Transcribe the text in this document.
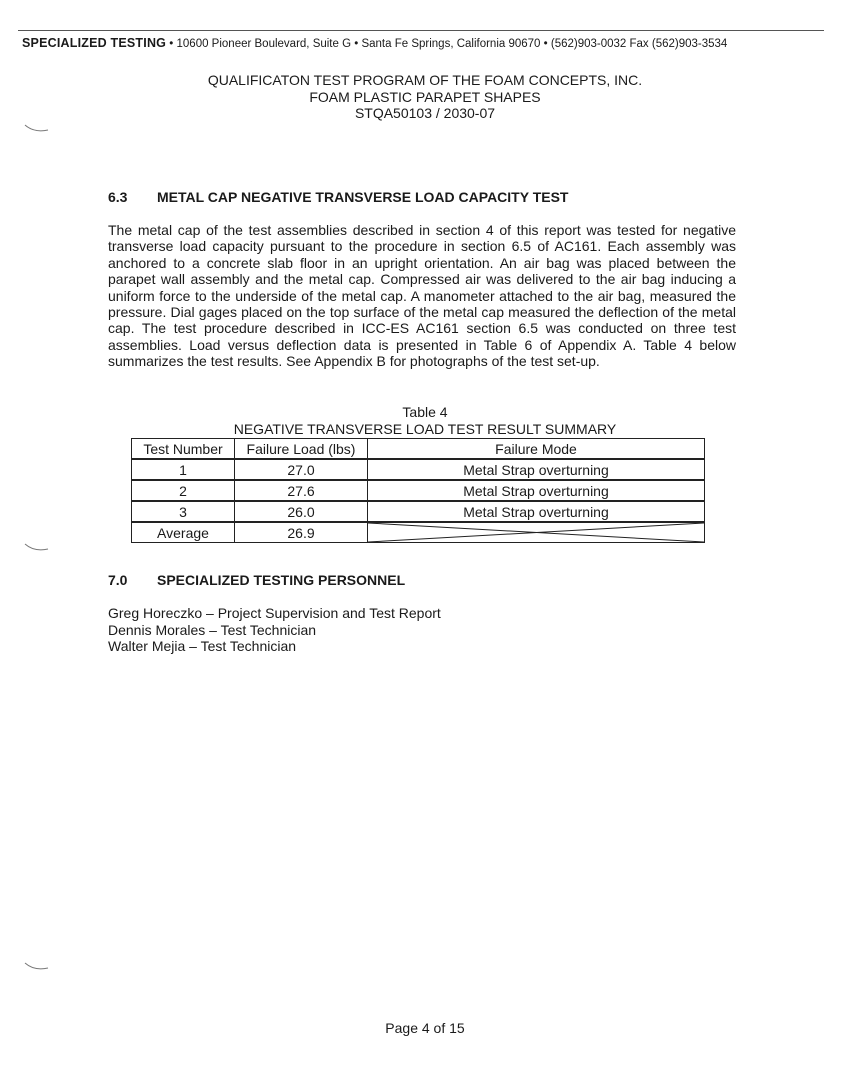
SPECIALIZED TESTING • 10600 Pioneer Boulevard, Suite G • Santa Fe Springs, California 90670 • (562)903-0032 Fax (562)903-3534
QUALIFICATON TEST PROGRAM OF THE FOAM CONCEPTS, INC.
FOAM PLASTIC PARAPET SHAPES
STQA50103 / 2030-07
6.3 METAL CAP NEGATIVE TRANSVERSE LOAD CAPACITY TEST
The metal cap of the test assemblies described in section 4 of this report was tested for negative transverse load capacity pursuant to the procedure in section 6.5 of AC161. Each assembly was anchored to a concrete slab floor in an upright orientation. An air bag was placed between the parapet wall assembly and the metal cap. Compressed air was delivered to the air bag inducing a uniform force to the underside of the metal cap. A manometer attached to the air bag, measured the pressure. Dial gages placed on the top surface of the metal cap measured the deflection of the metal cap. The test procedure described in ICC-ES AC161 section 6.5 was conducted on three test assemblies. Load versus deflection data is presented in Table 6 of Appendix A. Table 4 below summarizes the test results. See Appendix B for photographs of the test set-up.
Table 4
NEGATIVE TRANSVERSE LOAD TEST RESULT SUMMARY
Test Number	Failure Load (lbs)	Failure Mode
1	27.0	Metal Strap overturning
2	27.6	Metal Strap overturning
3	26.0	Metal Strap overturning
Average	26.9	
7.0 SPECIALIZED TESTING PERSONNEL
Greg Horeczko – Project Supervision and Test Report
Dennis Morales – Test Technician
Walter Mejia – Test Technician
Page 4 of 15
